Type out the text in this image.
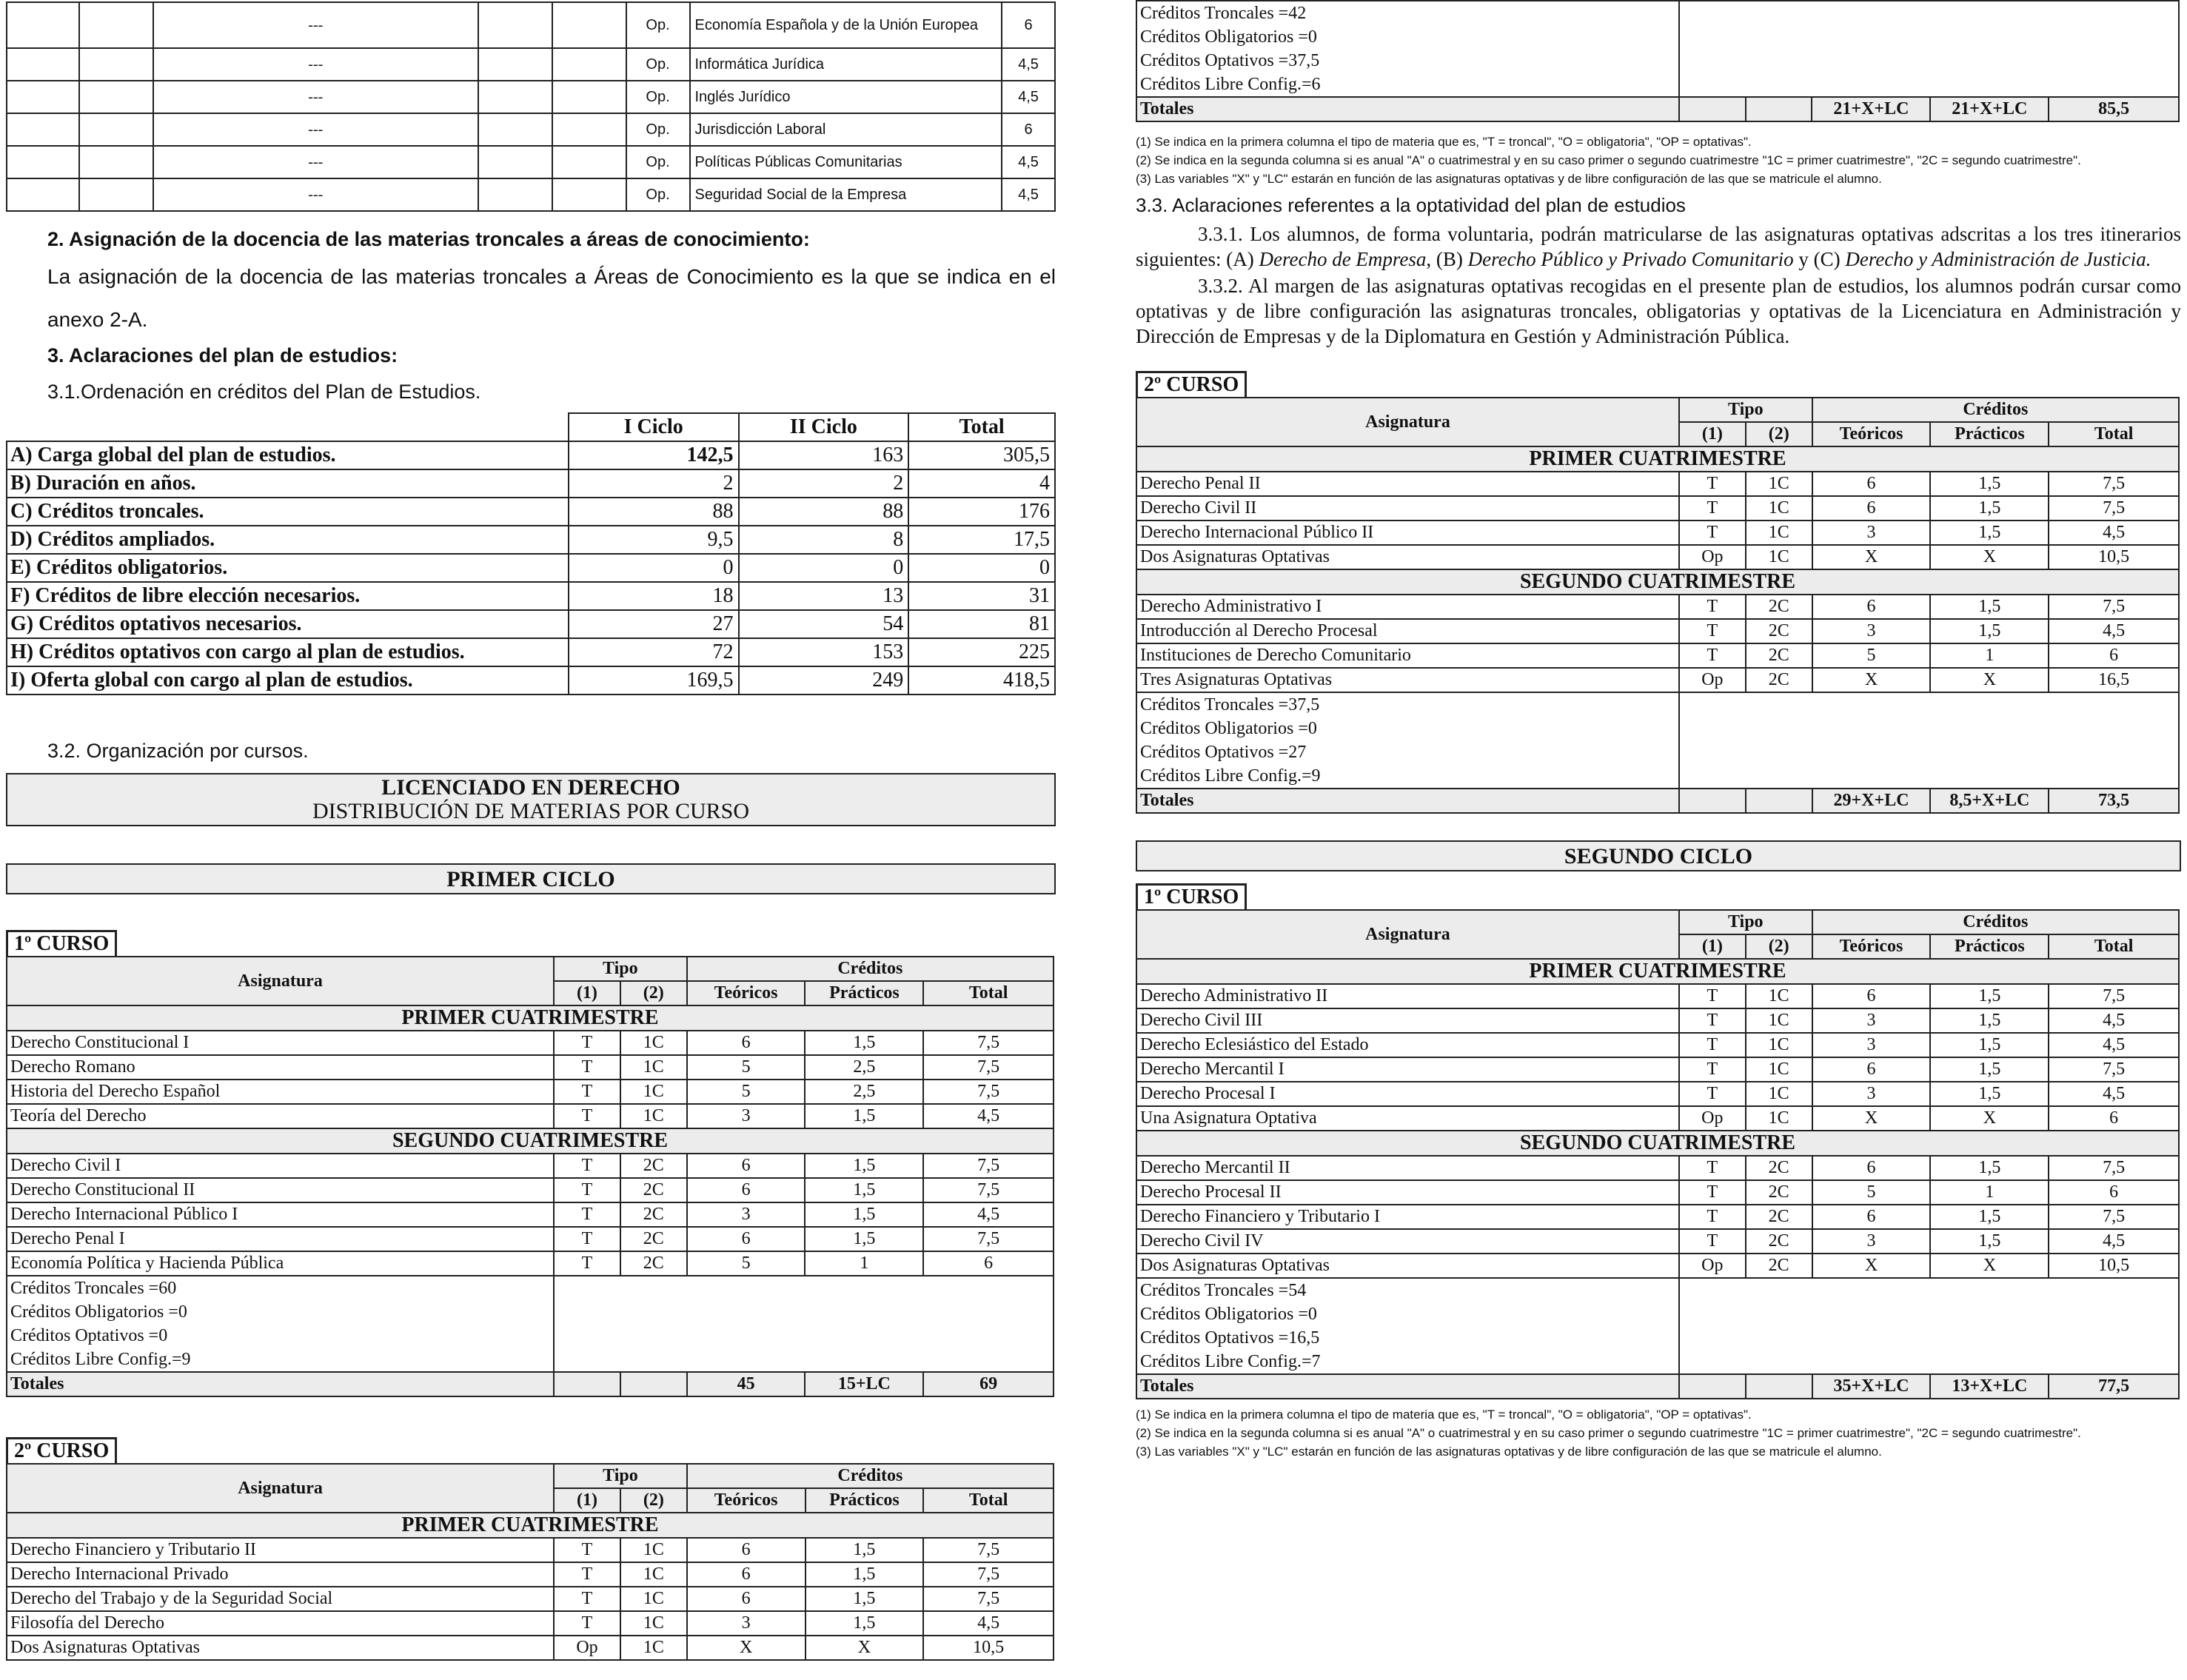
		---			Op.	Economía Española y de la Unión Europea	6
		---			Op.	Informática Jurídica	4,5
		---			Op.	Inglés Jurídico	4,5
		---			Op.	Jurisdicción Laboral	6
		---			Op.	Políticas Públicas Comunitarias	4,5
		---			Op.	Seguridad Social de la Empresa	4,5
2. Asignación de la docencia de las materias troncales a áreas de conocimiento:
La asignación de la docencia de las materias troncales a Áreas de Conocimiento es la que se indica en el anexo 2-A.
3. Aclaraciones del plan de estudios:
3.1.Ordenación en créditos del Plan de Estudios.
	I Ciclo	II Ciclo	Total
A) Carga global del plan de estudios.	142,5	163	305,5
B) Duración en años.	2	2	4
C) Créditos troncales.	88	88	176
D) Créditos ampliados.	9,5	8	17,5
E) Créditos obligatorios.	0	0	0
F) Créditos de libre elección necesarios.	18	13	31
G) Créditos optativos necesarios.	27	54	81
H) Créditos optativos con cargo al plan de estudios.	72	153	225
I) Oferta global con cargo al plan de estudios.	169,5	249	418,5
3.2. Organización por cursos.
LICENCIADO EN DERECHO
DISTRIBUCIÓN DE MATERIAS POR CURSO
PRIMER CICLO
1º CURSO
Asignatura	Tipo		Créditos		
	(1)	(2)	Teóricos	Prácticos	Total
PRIMER CUATRIMESTRE					
Derecho Constitucional I	T	1C	6	1,5	7,5
Derecho Romano	T	1C	5	2,5	7,5
Historia del Derecho Español	T	1C	5	2,5	7,5
Teoría del Derecho	T	1C	3	1,5	4,5
SEGUNDO CUATRIMESTRE					
Derecho Civil I	T	2C	6	1,5	7,5
Derecho Constitucional II	T	2C	6	1,5	7,5
Derecho Internacional Público I	T	2C	3	1,5	4,5
Derecho Penal I	T	2C	6	1,5	7,5
Economía Política y Hacienda Pública	T	2C	5	1	6

Créditos Troncales =60
Créditos Obligatorios =0
Créditos Optativos =0
Créditos Libre Config.=9					

Totales			45	15+LC	69
2º CURSO
Asignatura	Tipo		Créditos		
	(1)	(2)	Teóricos	Prácticos	Total
PRIMER CUATRIMESTRE					
Derecho Financiero y Tributario II	T	1C	6	1,5	7,5
Derecho Internacional Privado	T	1C	6	1,5	7,5
Derecho del Trabajo y de la Seguridad Social	T	1C	6	1,5	7,5
Filosofía del Derecho	T	1C	3	1,5	4,5
Dos Asignaturas Optativas	Op	1C	X	X	10,5
Créditos Troncales =42
Créditos Obligatorios =0
Créditos Optativos =37,5
Créditos Libre Config.=6					

Totales			21+X+LC	21+X+LC	85,5
(1) Se indica en la primera columna el tipo de materia que es, "T = troncal", "O = obligatoria", "OP = optativas".
(2) Se indica en la segunda columna si es anual "A" o cuatrimestral y en su caso primer o segundo cuatrimestre "1C = primer cuatrimestre", "2C = segundo cuatrimestre".
(3) Las variables "X" y "LC" estarán en función de las asignaturas optativas y de libre configuración de las que se matricule el alumno.
3.3. Aclaraciones referentes a la optatividad del plan de estudios
3.3.1. Los alumnos, de forma voluntaria, podrán matricularse de las asignaturas optativas adscritas a los tres itinerarios siguientes: (A) Derecho de Empresa, (B) Derecho Público y Privado Comunitario y (C) Derecho y Administración de Justicia.
3.3.2. Al margen de las asignaturas optativas recogidas en el presente plan de estudios, los alumnos podrán cursar como optativas y de libre configuración las asignaturas troncales, obligatorias y optativas de la Licenciatura en Administración y Dirección de Empresas y de la Diplomatura en Gestión y Administración Pública.
2º CURSO
Asignatura	Tipo		Créditos		
	(1)	(2)	Teóricos	Prácticos	Total
PRIMER CUATRIMESTRE					
Derecho Penal II	T	1C	6	1,5	7,5
Derecho Civil II	T	1C	6	1,5	7,5
Derecho Internacional Público II	T	1C	3	1,5	4,5
Dos Asignaturas Optativas	Op	1C	X	X	10,5
SEGUNDO CUATRIMESTRE					
Derecho Administrativo I	T	2C	6	1,5	7,5
Introducción al Derecho Procesal	T	2C	3	1,5	4,5
Instituciones de Derecho Comunitario	T	2C	5	1	6
Tres Asignaturas Optativas	Op	2C	X	X	16,5

Créditos Troncales =37,5
Créditos Obligatorios =0
Créditos Optativos =27
Créditos Libre Config.=9					

Totales			29+X+LC	8,5+X+LC	73,5
SEGUNDO CICLO
1º CURSO
Asignatura	Tipo		Créditos		
	(1)	(2)	Teóricos	Prácticos	Total
PRIMER CUATRIMESTRE					
Derecho Administrativo II	T	1C	6	1,5	7,5
Derecho Civil III	T	1C	3	1,5	4,5
Derecho Eclesiástico del Estado	T	1C	3	1,5	4,5
Derecho Mercantil I	T	1C	6	1,5	7,5
Derecho Procesal I	T	1C	3	1,5	4,5
Una Asignatura Optativa	Op	1C	X	X	6
SEGUNDO CUATRIMESTRE					
Derecho Mercantil II	T	2C	6	1,5	7,5
Derecho Procesal II	T	2C	5	1	6
Derecho Financiero y Tributario I	T	2C	6	1,5	7,5
Derecho Civil IV	T	2C	3	1,5	4,5
Dos Asignaturas Optativas	Op	2C	X	X	10,5

Créditos Troncales =54
Créditos Obligatorios =0
Créditos Optativos =16,5
Créditos Libre Config.=7					

Totales			35+X+LC	13+X+LC	77,5
(1) Se indica en la primera columna el tipo de materia que es, "T = troncal", "O = obligatoria", "OP = optativas".
(2) Se indica en la segunda columna si es anual "A" o cuatrimestral y en su caso primer o segundo cuatrimestre "1C = primer cuatrimestre", "2C = segundo cuatrimestre".
(3) Las variables "X" y "LC" estarán en función de las asignaturas optativas y de libre configuración de las que se matricule el alumno.
